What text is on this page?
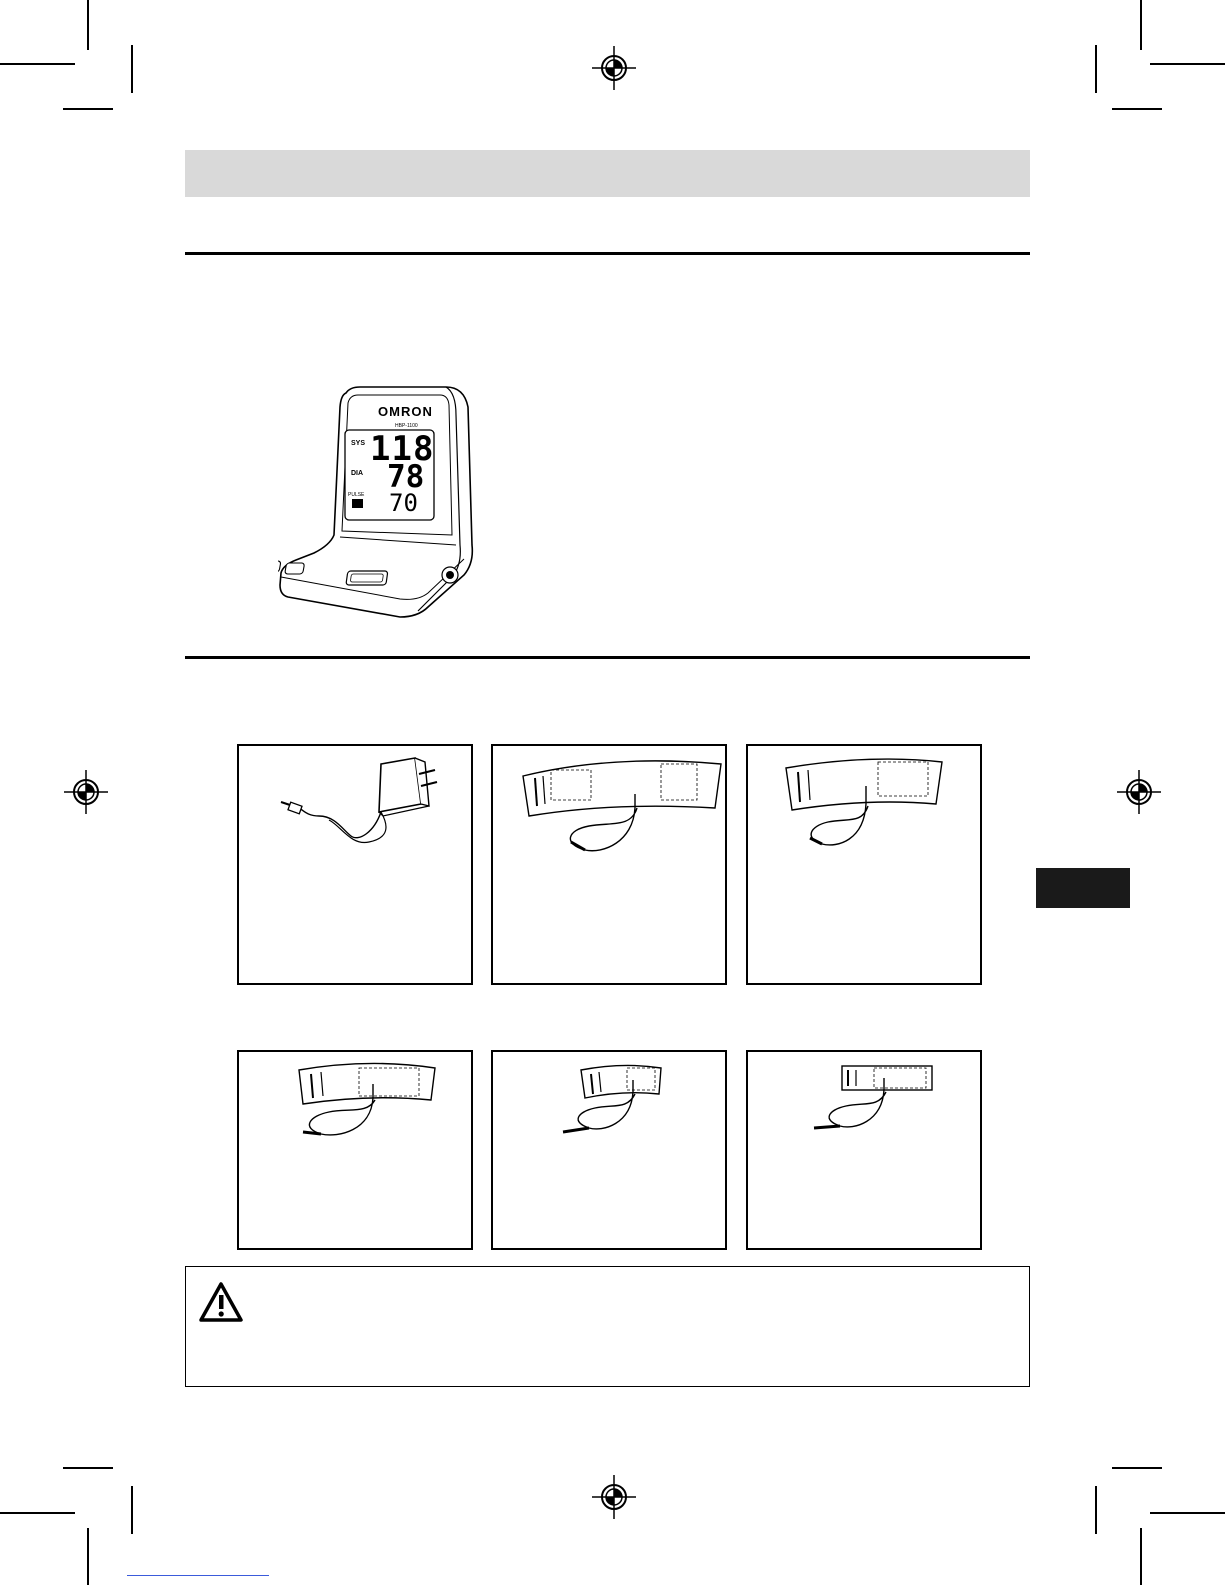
OMRON
HBP-1100
SYS
DIA
PULSE
118
78
70
